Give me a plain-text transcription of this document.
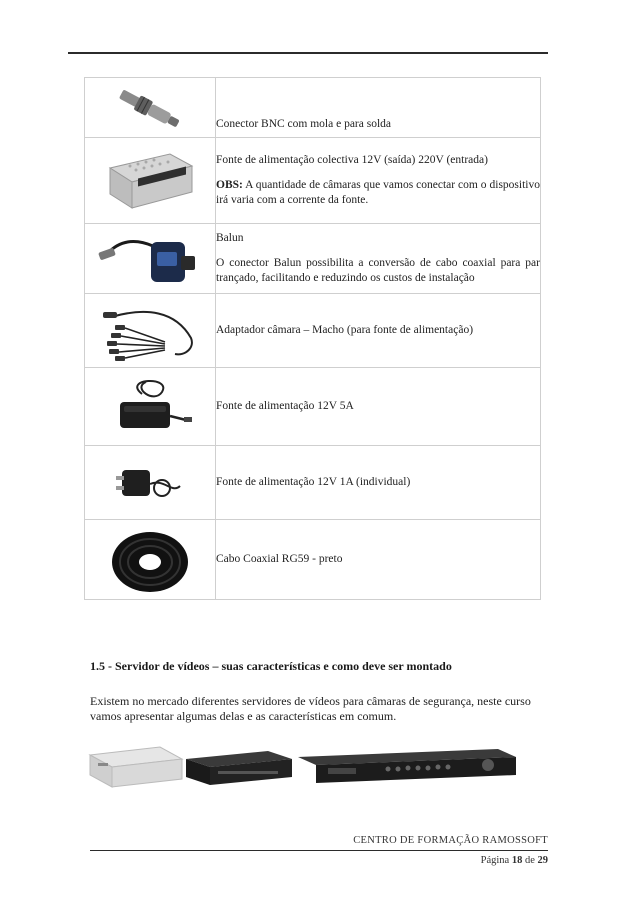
Conector BNC com mola e para solda

Fonte de alimentação colectiva 12V (saída) 220V (entrada)

OBS: A quantidade de câmaras que vamos conectar com o dispositivo irá varia com a corrente da fonte.

Balun

O conector Balun possibilita a conversão de cabo coaxial para par trançado, facilitando e reduzindo os custos de instalação

Adaptador câmara – Macho (para fonte de alimentação)

Fonte de alimentação 12V 5A

Fonte de alimentação 12V 1A (individual)

Cabo Coaxial RG59 - preto

1.5 - Servidor de vídeos – suas características e como deve ser montado
Existem no mercado diferentes servidores de vídeos para câmaras de segurança, neste curso vamos apresentar algumas delas e as características em comum.
CENTRO DE FORMAÇÃO RAMOSSOFT
Página 18 de 29
